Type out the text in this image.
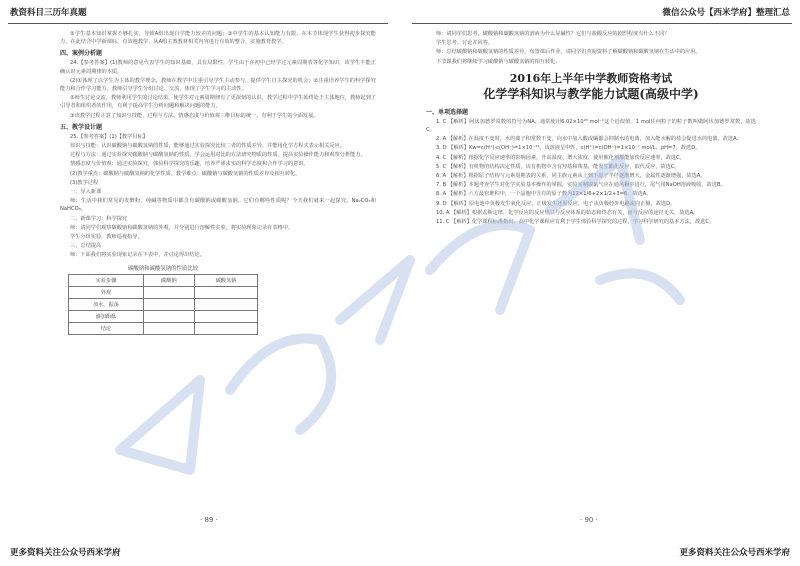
教资科目三历年真题	微信公众号【西米学府】整理汇总

②学生基本知识掌握不够扎实，导致A组出现自学能力较差的问题；③中学生的基本认知能力有限，在本节体现学生获得初步探究能力，在此结合中学新课标，有效地教学，从A组主教教材相关内容进行有效的整合，实施教育教学。

四、案例分析题

24.【参考答案】(1)教师的意见代表学生的知识基础，具有局限性，学生由于在初中已经学过元素周期表等化学知识，该学生不能正确认识元素周期律的本质。

(2)①体现了以学生为主体的教学理念，教师在教学中注重引导学生主动参与，提供学生自主探究的机会；②注重培养学生的科学探究能力和合作学习能力，教师引导学生分组讨论、交流，体现了学生学习的主动性。

②师生讨论交流，教师利用学生的讨论结果，使学生对元素周期律有了更深刻的认识，教学过程中学生始终处于主体地位，教师起到了引导者和组织者的作用，有利于提高学生分析问题和解决问题的能力。

③该教学过程注意了知识与技能、过程与方法、情感态度与价值观三维目标的统一，有利于学生的全面发展。

五、教学设计题

25.【参考答案】(1)【教学目标】

知识与技能：认识碳酸钠与碳酸氢钠的性质，能够通过实验探究比较二者的性质差异，并能用化学方程式表示相关反应。

过程与方法：通过实验探究碳酸钠与碳酸氢钠的性质，学会运用对比的方法研究物质的性质，提高实验操作能力和观察分析能力。

情感态度与价值观：通过实验探究，体验科学探究的乐趣，培养严谨求实的科学态度和合作学习的意识。

(2)教学重点：碳酸钠与碳酸氢钠的化学性质。教学难点：碳酸钠与碳酸氢钠的性质差异及相互转化。

(3)教学过程

一、导入新课

师：生活中我们常见的发酵粉、纯碱等物质中都含有碳酸钠或碳酸氢钠，它们有哪些性质呢？今天我们就来一起探究。Na₂CO₃和NaHCO₃。

二、新课学习：科学探究

师：请同学们观察碳酸钠和碳酸氢钠的外观，并分别进行溶解性实验，将实验现象记录在表格中。

学生分组实验，教师巡视指导。

三、总结提高

师：下面我们将实验现象记录在下表中，并讨论得出结论。

碳酸钠和碳酸氢钠的性质比较
实验步骤	碳酸钠	碳酸氢钠
外观		
加水，振荡		
滴加酚酞		
结论		

师：请同学们思考，碳酸钠和碳酸氢钠的溶液为什么显碱性？它们与盐酸反应的剧烈程度有什么不同？

学生思考、讨论并回答。

师：总结碳酸钠和碳酸氢钠的性质差异，布置课后作业，请同学们查阅资料了解碳酸钠和碳酸氢钠在生活中的应用。

下节课我们将继续学习碳酸钠与碳酸氢钠的相互转化。

2016年上半年中学教师资格考试
化学学科知识与教学能力试题(高级中学)
一、单项选择题

1. C 【解析】阿伏加德罗常数的符号为NA，通常使用6.02×10²³ mol⁻¹这个近似值。1 mol任何粒子的粒子数叫做阿伏加德罗常数，故选C。

2. A 【解析】在温度不变时，水的离子积常数不变，向水中加入酸或碱都会抑制水的电离，加入能水解的盐会促进水的电离，故选A。

3. D 【解析】Kw=c(H⁺)·c(OH⁻)=1×10⁻¹⁴，该溶液呈中性，c(H⁺)=c(OH⁻)=1×10⁻⁷ mol/L，pH=7，故选D。

4. C 【解析】根据化学反应速率的影响因素，升高温度、增大浓度、使用催化剂都能加快反应速率，故选C。

5. C 【解析】有机物的结构决定性质，该有机物中含有羟基和羧基，能发生酯化反应、取代反应，故选C。

6. A 【解析】根据原子结构与元素周期表的关系，同主族元素从上到下原子半径逐渐增大，金属性逐渐增强，故选A。

7. B 【解析】本题考查学生对化学实验基本操作的掌握，实验室制取氯气应在通风橱中进行，尾气用NaOH溶液吸收，故选B。

8. A 【解析】六方最密堆积中，一个晶胞中含有的原子数为12×1/6+2×1/2+3=6，故选A。

9. D 【解析】原电池中负极发生氧化反应，正极发生还原反应，电子从负极经外电路流向正极，故选D。

10. A 【解析】根据盖斯定律，化学反应的反应热只与反应体系的始态和终态有关，而与反应的途径无关，故选A。

11. C 【解析】化学课程标准指出，高中化学课程应有利于学生体验科学探究的过程，学习科学研究的基本方法，故选C。

· 89 ·	· 90 ·
更多资料关注公众号西米学府	更多资料关注公众号西米学府
